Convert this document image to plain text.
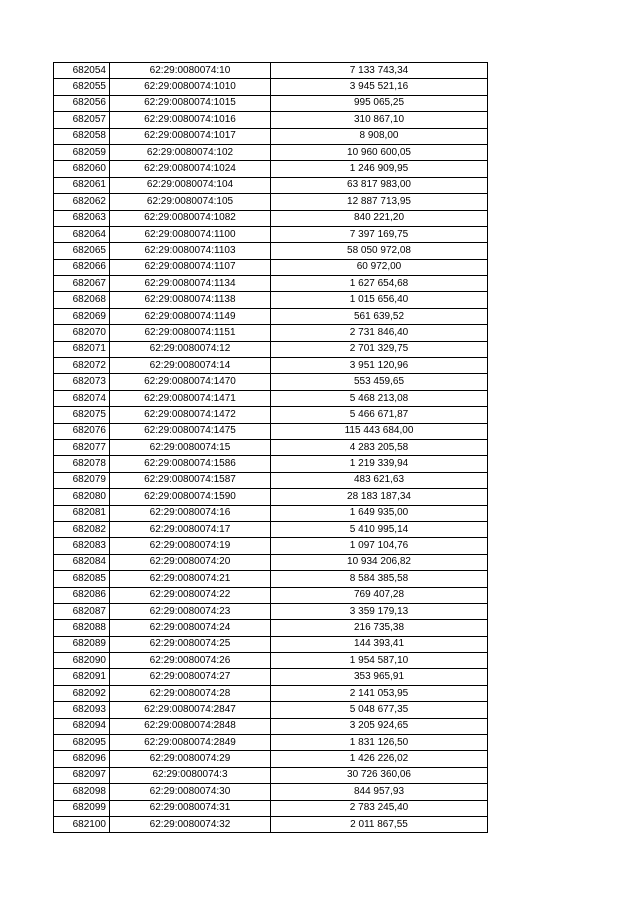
682054	62:29:0080074:10	7 133 743,34
682055	62:29:0080074:1010	3 945 521,16
682056	62:29:0080074:1015	995 065,25
682057	62:29:0080074:1016	310 867,10
682058	62:29:0080074:1017	8 908,00
682059	62:29:0080074:102	10 960 600,05
682060	62:29:0080074:1024	1 246 909,95
682061	62:29:0080074:104	63 817 983,00
682062	62:29:0080074:105	12 887 713,95
682063	62:29:0080074:1082	840 221,20
682064	62:29:0080074:1100	7 397 169,75
682065	62:29:0080074:1103	58 050 972,08
682066	62:29:0080074:1107	60 972,00
682067	62:29:0080074:1134	1 627 654,68
682068	62:29:0080074:1138	1 015 656,40
682069	62:29:0080074:1149	561 639,52
682070	62:29:0080074:1151	2 731 846,40
682071	62:29:0080074:12	2 701 329,75
682072	62:29:0080074:14	3 951 120,96
682073	62:29:0080074:1470	553 459,65
682074	62:29:0080074:1471	5 468 213,08
682075	62:29:0080074:1472	5 466 671,87
682076	62:29:0080074:1475	115 443 684,00
682077	62:29:0080074:15	4 283 205,58
682078	62:29:0080074:1586	1 219 339,94
682079	62:29:0080074:1587	483 621,63
682080	62:29:0080074:1590	28 183 187,34
682081	62:29:0080074:16	1 649 935,00
682082	62:29:0080074:17	5 410 995,14
682083	62:29:0080074:19	1 097 104,76
682084	62:29:0080074:20	10 934 206,82
682085	62:29:0080074:21	8 584 385,58
682086	62:29:0080074:22	769 407,28
682087	62:29:0080074:23	3 359 179,13
682088	62:29:0080074:24	216 735,38
682089	62:29:0080074:25	144 393,41
682090	62:29:0080074:26	1 954 587,10
682091	62:29:0080074:27	353 965,91
682092	62:29:0080074:28	2 141 053,95
682093	62:29:0080074:2847	5 048 677,35
682094	62:29:0080074:2848	3 205 924,65
682095	62:29:0080074:2849	1 831 126,50
682096	62:29:0080074:29	1 426 226,02
682097	62:29:0080074:3	30 726 360,06
682098	62:29:0080074:30	844 957,93
682099	62:29:0080074:31	2 783 245,40
682100	62:29:0080074:32	2 011 867,55
